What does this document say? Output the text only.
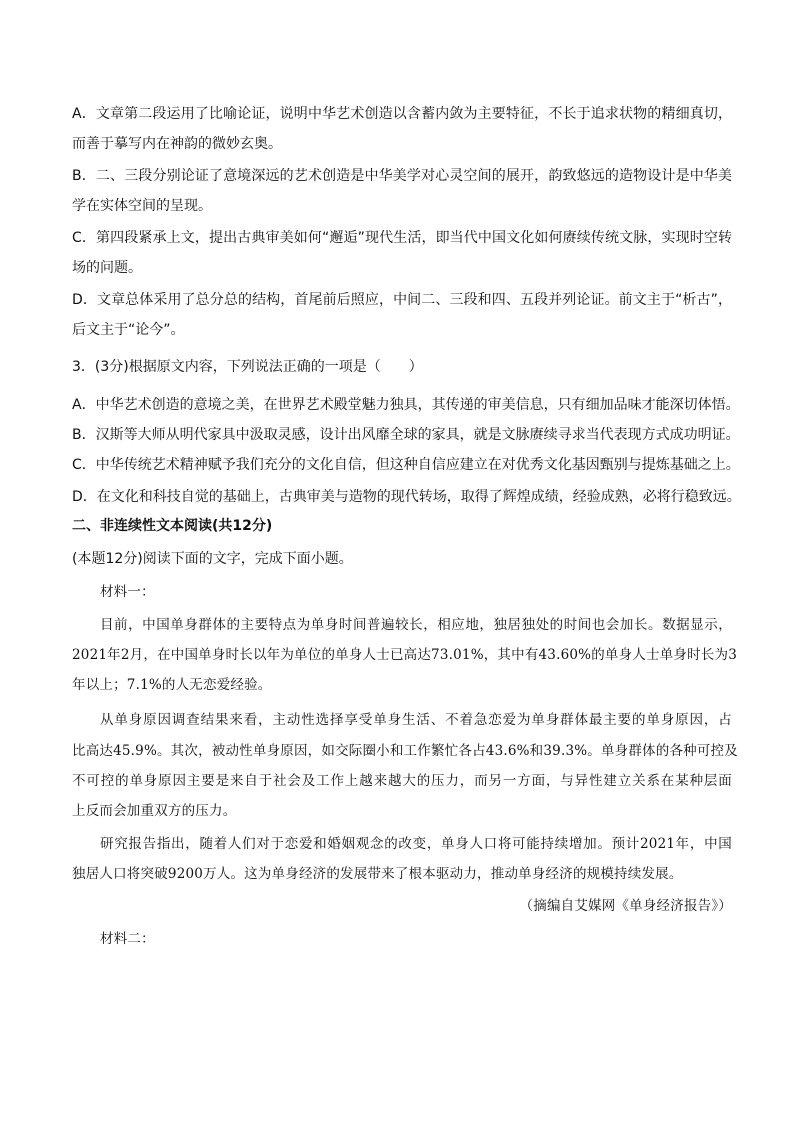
A．文章第二段运用了比喻论证，说明中华艺术创造以含蓄内敛为主要特征，不长于追求状物的精细真切，
而善于摹写内在神韵的微妙玄奥。
B．二、三段分别论证了意境深远的艺术创造是中华美学对心灵空间的展开，韵致悠远的造物设计是中华美
学在实体空间的呈现。
C．第四段紧承上文，提出古典审美如何“邂逅”现代生活，即当代中国文化如何赓续传统文脉，实现时空转
场的问题。
D．文章总体采用了总分总的结构，首尾前后照应，中间二、三段和四、五段并列论证。前文主于“析古”，
后文主于“论今”。
3．(3分)根据原文内容，下列说法正确的一项是（　　）
A．中华艺术创造的意境之美，在世界艺术殿堂魅力独具，其传递的审美信息，只有细加品味才能深切体悟。
B．汉斯等大师从明代家具中汲取灵感，设计出风靡全球的家具，就是文脉赓续寻求当代表现方式成功明证。
C．中华传统艺术精神赋予我们充分的文化自信，但这种自信应建立在对优秀文化基因甄别与提炼基础之上。
D．在文化和科技自觉的基础上，古典审美与造物的现代转场，取得了辉煌成绩，经验成熟，必将行稳致远。
二、非连续性文本阅读(共12分)
(本题12分)阅读下面的文字，完成下面小题。
材料一：
目前，中国单身群体的主要特点为单身时间普遍较长，相应地，独居独处的时间也会加长。数据显示，
2021年2月，在中国单身时长以年为单位的单身人士已高达73.01%，其中有43.60%的单身人士单身时长为3
年以上；7.1%的人无恋爱经验。
从单身原因调查结果来看，主动性选择享受单身生活、不着急恋爱为单身群体最主要的单身原因，占
比高达45.9%。其次，被动性单身原因，如交际圈小和工作繁忙各占43.6%和39.3%。单身群体的各种可控及
不可控的单身原因主要是来自于社会及工作上越来越大的压力，而另一方面，与异性建立关系在某种层面
上反而会加重双方的压力。
研究报告指出，随着人们对于恋爱和婚姻观念的改变，单身人口将可能持续增加。预计2021年，中国
独居人口将突破9200万人。这为单身经济的发展带来了根本驱动力，推动单身经济的规模持续发展。
（摘编自艾媒网《单身经济报告》）
材料二：
